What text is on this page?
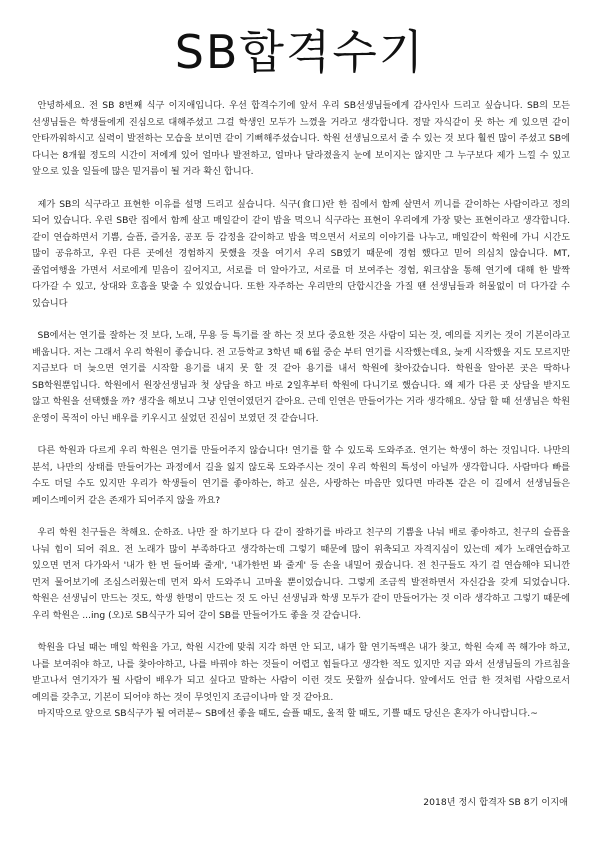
SB합격수기

안녕하세요. 전 SB 8번째 식구 이지애입니다. 우선 합격수기에 앞서 우리 SB선생님들에게 감사인사 드리고 싶습니다. SB의 모든 선생님들은 학생들에게 진심으로 대해주셨고 그걸 학생인 모두가 느꼈을 거라고 생각합니다. 정말 자식같이 못 하는 게 있으면 같이 안타까워하시고 실력이 발전하는 모습을 보이면 같이 기뻐해주셨습니다. 학원 선생님으로서 줄 수 있는 것 보다 훨씬 많이 주셨고 SB에 다니는 8개월 정도의 시간이 저에게 있어 얼마나 발전하고, 얼마나 달라졌을지 눈에 보이지는 않지만 그 누구보다 제가 느낄 수 있고 앞으로 있을 일들에 많은 밑거름이 될 거라 확신 합니다.

제가 SB의 식구라고 표현한 이유를 설명 드리고 싶습니다. 식구(食口)란 한 집에서 함께 살면서 끼니를 같이하는 사람이라고 정의 되어 있습니다. 우린 SB란 집에서 함께 살고 매일같이 같이 밥을 먹으니 식구라는 표현이 우리에게 가장 맞는 표현이라고 생각합니다. 같이 연습하면서 기쁨, 슬픔, 즐거움, 공포 등 감정을 같이하고 밥을 먹으면서 서로의 이야기를 나누고, 매일같이 학원에 가니 시간도 많이 공유하고, 우린 다른 곳에선 경험하지 못했을 것을 여기서 우리 SB였기 때문에 경험 했다고 믿어 의심치 않습니다. MT, 졸업여행을 가면서 서로에게 믿음이 깊어지고, 서로를 더 알아가고, 서로를 더 보여주는 경험, 워크샵을 통해 연기에 대해 한 발짝 다가갈 수 있고, 상대와 호흡을 맞출 수 있었습니다. 또한 자주하는 우리만의 단합시간을 가질 땐 선생님들과 허물없이 더 다가갈 수 있습니다

SB에서는 연기를 잘하는 것 보다, 노래, 무용 등 특기를 잘 하는 것 보다 중요한 것은 사람이 되는 것, 예의를 지키는 것이 기본이라고 배웁니다. 저는 그래서 우리 학원이 좋습니다. 전 고등학교 3학년 때 6월 중순 부터 연기를 시작했는데요, 늦게 시작했을 지도 모르지만 지금보다 더 늦으면 연기를 시작할 용기를 내지 못 할 것 같아 용기를 내서 학원에 찾아갔습니다. 학원을 알아본 곳은 딱하나 SB학원뿐입니다. 학원에서 원장선생님과 첫 상담을 하고 바로 2일후부터 학원에 다니기로 했습니다. 왜 제가 다른 곳 상담을 받지도 않고 학원을 선택했을 까? 생각을 해보니 그냥 인연이였던거 같아요. 근데 인연은 만들어가는 거라 생각해요. 상담 할 때 선생님은 학원 운영이 목적이 아닌 배우를 키우시고 싶었던 진심이 보였던 것 같습니다.

다른 학원과 다르게 우리 학원은 연기를 만들어주지 않습니다! 연기를 할 수 있도록 도와주죠. 연기는 학생이 하는 것입니다. 나만의 분석, 나만의 상태를 만들어가는 과정에서 길을 잃지 않도록 도와주시는 것이 우리 학원의 특성이 아닐까 생각합니다. 사람마다 빠를 수도 더딜 수도 있지만 우리가 학생들이 연기를 좋아하는, 하고 싶은, 사랑하는 마음만 있다면 마라톤 같은 이 길에서 선생님들은 페이스메이커 같은 존재가 되어주지 않을 까요?

우리 학원 친구들은 착해요. 순하죠. 나만 잘 하기보다 다 같이 잘하기를 바라고 친구의 기쁨을 나눠 배로 좋아하고, 친구의 슬픔을 나눠 힘이 되어 줘요. 전 노래가 많이 부족하다고 생각하는데 그렇기 때문에 많이 위축되고 자격지심이 있는데 제가 노래연습하고 있으면 먼저 다가와서 '내가 한 번 들어봐 줄게', '내가한번 봐 줄게' 등 손을 내밀어 줬습니다. 전 친구들도 자기 걸 연습해야 되니깐 먼저 물어보기에 조심스러웠는데 먼저 와서 도와주니 고마울 뿐이었습니다. 그렇게 조금씩 발전하면서 자신감을 갖게 되었습니다. 학원은 선생님이 만드는 것도, 학생 한명이 만드는 것 도 아닌 선생님과 학생 모두가 같이 만들어가는 것 이라 생각하고 그렇기 때문에 우리 학원은 ...ing (오)로 SB식구가 되어 같이 SB를 만들어가도 좋을 것 같습니다.

학원을 다닐 때는 매일 학원을 가고, 학원 시간에 맞춰 지각 하면 안 되고, 내가 할 연기독백은 내가 찾고, 학원 숙제 꼭 해가야 하고, 나를 보여줘야 하고, 나를 찾아야하고, 나를 바꿔야 하는 것들이 어렵고 힘들다고 생각한 적도 있지만 지금 와서 선생님들의 가르침을 받고나서 연기자가 될 사람이 배우가 되고 싶다고 말하는 사람이 이런 것도 못할까 싶습니다. 앞에서도 언급 한 것처럼 사람으로서 예의를 갖추고, 기본이 되어야 하는 것이 무엇인지 조금이나마 알 것 같아요.

마지막으로 앞으로 SB식구가 될 여러분~ SB에선 좋을 때도, 슬플 때도, 울적 할 때도, 기쁠 때도 당신은 혼자가 아니랍니다.~

2018년 정시 합격자 SB 8기 이지애
